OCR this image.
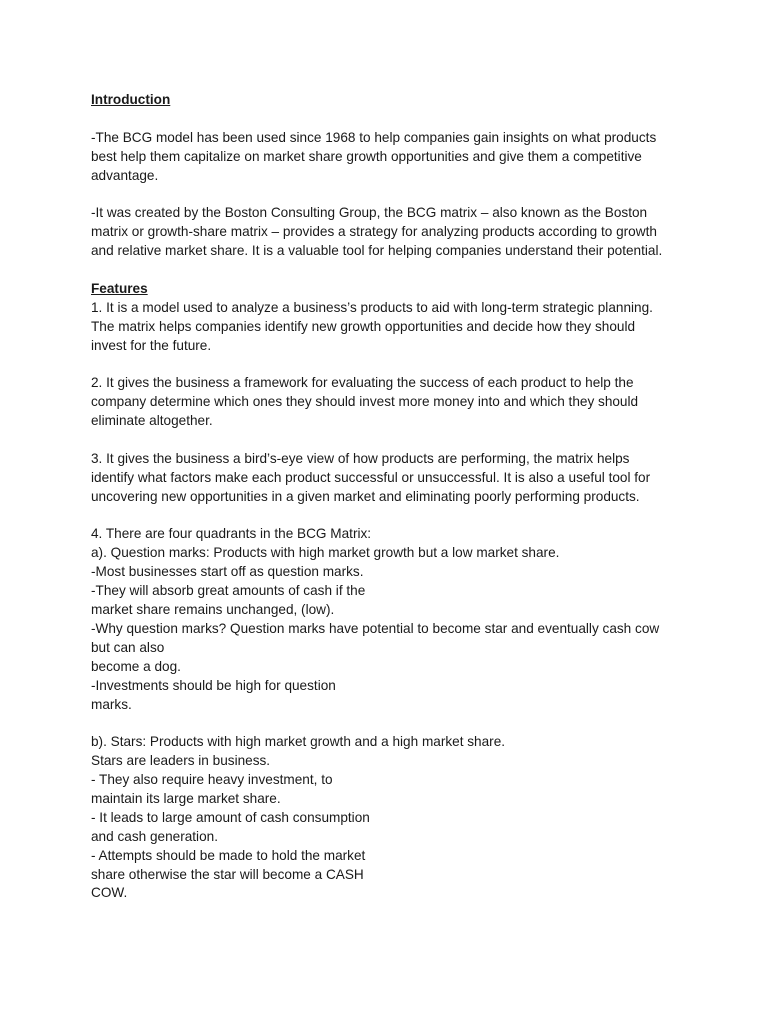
Introduction
-The BCG model has been used since 1968 to help companies gain insights on what products
best help them capitalize on market share growth opportunities and give them a competitive
advantage.
-It was created by the Boston Consulting Group, the BCG matrix – also known as the Boston
matrix or growth-share matrix – provides a strategy for analyzing products according to growth
and relative market share. It is a valuable tool for helping companies understand their potential.
Features
1. It is a model used to analyze a business’s products to aid with long-term strategic planning.
The matrix helps companies identify new growth opportunities and decide how they should
invest for the future.
2. It gives the business a framework for evaluating the success of each product to help the
company determine which ones they should invest more money into and which they should
eliminate altogether.
3. It gives the business a bird’s-eye view of how products are performing, the matrix helps
identify what factors make each product successful or unsuccessful. It is also a useful tool for
uncovering new opportunities in a given market and eliminating poorly performing products.
4. There are four quadrants in the BCG Matrix:
a). Question marks: Products with high market growth but a low market share.
-Most businesses start off as question marks.
-They will absorb great amounts of cash if the
market share remains unchanged, (low).
-Why question marks? Question marks have potential to become star and eventually cash cow
but can also
become a dog.
-Investments should be high for question
marks.
b). Stars: Products with high market growth and a high market share.
Stars are leaders in business.
- They also require heavy investment, to
maintain its large market share.
- It leads to large amount of cash consumption
and cash generation.
- Attempts should be made to hold the market
share otherwise the star will become a CASH
COW.
